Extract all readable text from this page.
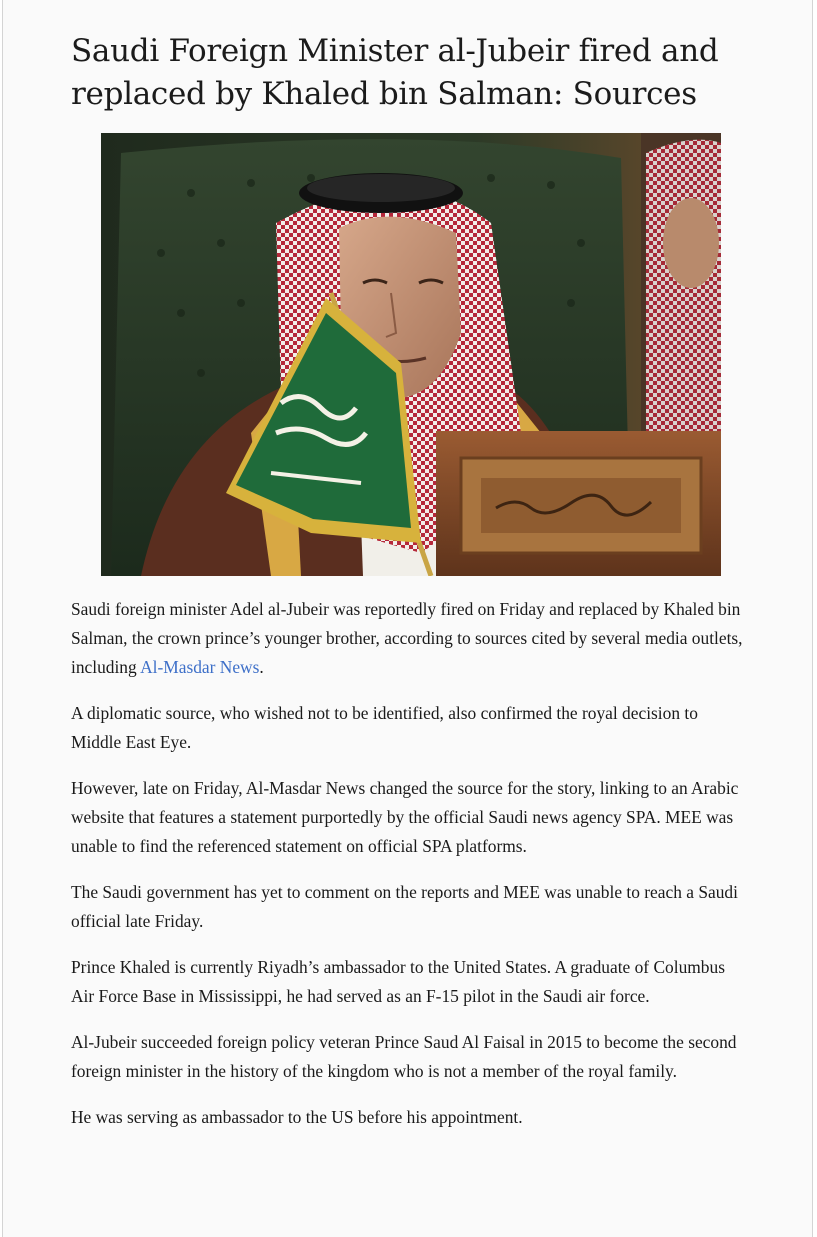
Saudi Foreign Minister al-Jubeir fired and replaced by Khaled bin Salman: Sources

Saudi foreign minister Adel al-Jubeir was reportedly fired on Friday and replaced by Khaled bin Salman, the crown prince’s younger brother, according to sources cited by several media outlets, including Al-Masdar News.

A diplomatic source, who wished not to be identified, also confirmed the royal decision to Middle East Eye.

However, late on Friday, Al-Masdar News changed the source for the story, linking to an Arabic website that features a statement purportedly by the official Saudi news agency SPA. MEE was unable to find the referenced statement on official SPA platforms.

The Saudi government has yet to comment on the reports and MEE was unable to reach a Saudi official late Friday.

Prince Khaled is currently Riyadh’s ambassador to the United States. A graduate of Columbus Air Force Base in Mississippi, he had served as an F-15 pilot in the Saudi air force.

Al-Jubeir succeeded foreign policy veteran Prince Saud Al Faisal in 2015 to become the second foreign minister in the history of the kingdom who is not a member of the royal family.

He was serving as ambassador to the US before his appointment.
